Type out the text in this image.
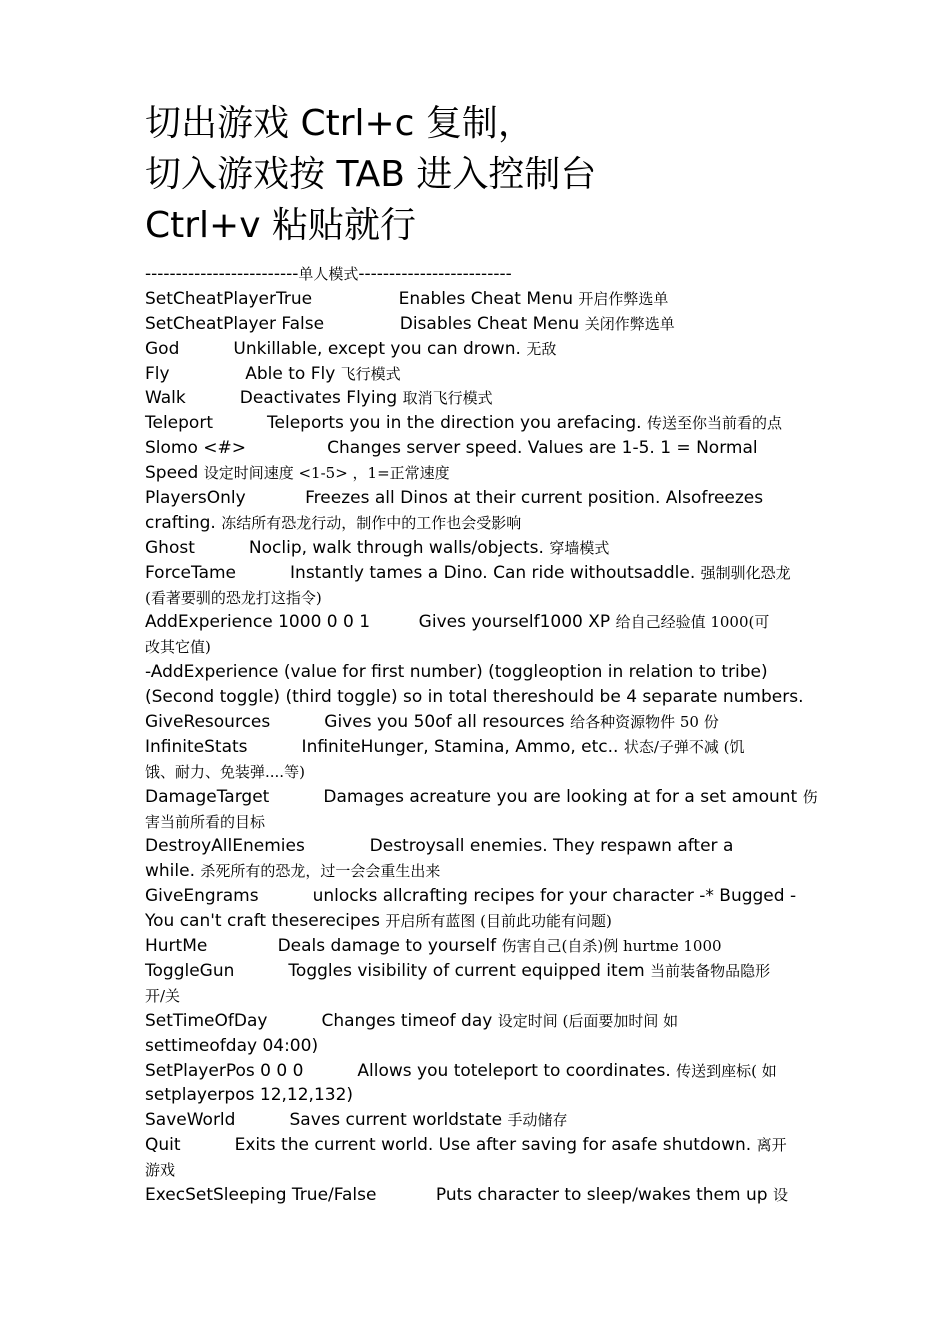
切出游戏 Ctrl+c 复制，
切入游戏按 TAB 进入控制台
Ctrl+v 粘贴就行
-------------------------单人模式-------------------------
SetCheatPlayerTrue                Enables Cheat Menu 开启作弊选单
SetCheatPlayer False              Disables Cheat Menu 关闭作弊选单
God          Unkillable, except you can drown. 无敌
Fly              Able to Fly 飞行模式
Walk          Deactivates Flying 取消飞行模式
Teleport          Teleports you in the direction you arefacing. 传送至你当前看的点
Slomo <#>               Changes server speed. Values are 1-5. 1 = Normal
Speed 设定时间速度 <1-5> ，1=正常速度
PlayersOnly           Freezes all Dinos at their current position. Alsofreezes
crafting. 冻结所有恐龙行动，制作中的工作也会受影响
Ghost          Noclip, walk through walls/objects. 穿墙模式
ForceTame          Instantly tames a Dino. Can ride withoutsaddle. 强制驯化恐龙
(看著要驯的恐龙打这指令)
AddExperience 1000 0 0 1         Gives yourself1000 XP 给自己经验值 1000(可
改其它值)
-AddExperience (value for first number) (toggleoption in relation to tribe)
(Second toggle) (third toggle) so in total thereshould be 4 separate numbers.
GiveResources          Gives you 50of all resources 给各种资源物件 50 份
InfiniteStats          InfiniteHunger, Stamina, Ammo, etc.. 状态/子弹不减 (饥
饿、耐力、免装弹....等)
DamageTarget          Damages acreature you are looking at for a set amount 伤
害当前所看的目标
DestroyAllEnemies            Destroysall enemies. They respawn after a
while. 杀死所有的恐龙，过一会会重生出来
GiveEngrams          unlocks allcrafting recipes for your character -* Bugged -
You can't craft theserecipes 开启所有蓝图 (目前此功能有问题)
HurtMe             Deals damage to yourself 伤害自己(自杀)例 hurtme 1000
ToggleGun          Toggles visibility of current equipped item 当前装备物品隐形
开/关
SetTimeOfDay          Changes timeof day 设定时间 (后面要加时间 如
settimeofday 04:00)
SetPlayerPos 0 0 0          Allows you toteleport to coordinates. 传送到座标( 如
setplayerpos 12,12,132)
SaveWorld          Saves current worldstate 手动储存
Quit          Exits the current world. Use after saving for asafe shutdown. 离开
游戏
ExecSetSleeping True/False           Puts character to sleep/wakes them up 设
